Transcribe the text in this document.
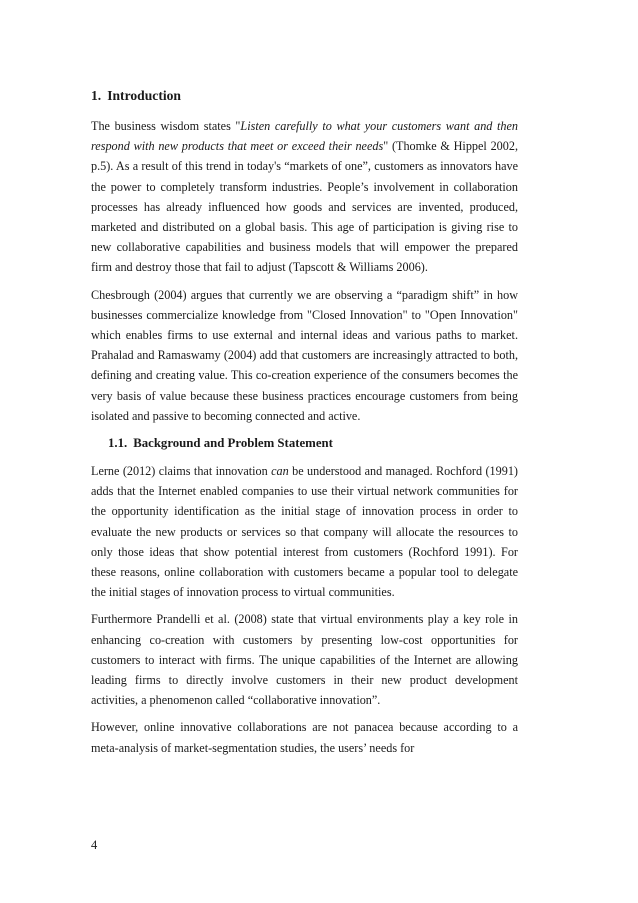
1. Introduction

The business wisdom states "Listen carefully to what your customers want and then respond with new products that meet or exceed their needs" (Thomke & Hippel 2002, p.5). As a result of this trend in today's “markets of one”, customers as innovators have the power to completely transform industries. People’s involvement in collaboration processes has already influenced how goods and services are invented, produced, marketed and distributed on a global basis. This age of participation is giving rise to new collaborative capabilities and business models that will empower the prepared firm and destroy those that fail to adjust (Tapscott & Williams 2006).

Chesbrough (2004) argues that currently we are observing a “paradigm shift” in how businesses commercialize knowledge from "Closed Innovation" to "Open Innovation" which enables firms to use external and internal ideas and various paths to market. Prahalad and Ramaswamy (2004) add that customers are increasingly attracted to both, defining and creating value. This co-creation experience of the consumers becomes the very basis of value because these business practices encourage customers from being isolated and passive to becoming connected and active.

1.1. Background and Problem Statement

Lerne (2012) claims that innovation can be understood and managed. Rochford (1991) adds that the Internet enabled companies to use their virtual network communities for the opportunity identification as the initial stage of innovation process in order to evaluate the new products or services so that company will allocate the resources to only those ideas that show potential interest from customers (Rochford 1991). For these reasons, online collaboration with customers became a popular tool to delegate the initial stages of innovation process to virtual communities.

Furthermore Prandelli et al. (2008) state that virtual environments play a key role in enhancing co-creation with customers by presenting low-cost opportunities for customers to interact with firms. The unique capabilities of the Internet are allowing leading firms to directly involve customers in their new product development activities, a phenomenon called “collaborative innovation”.

However, online innovative collaborations are not panacea because according to a meta-analysis of market-segmentation studies, the users’ needs for

4
